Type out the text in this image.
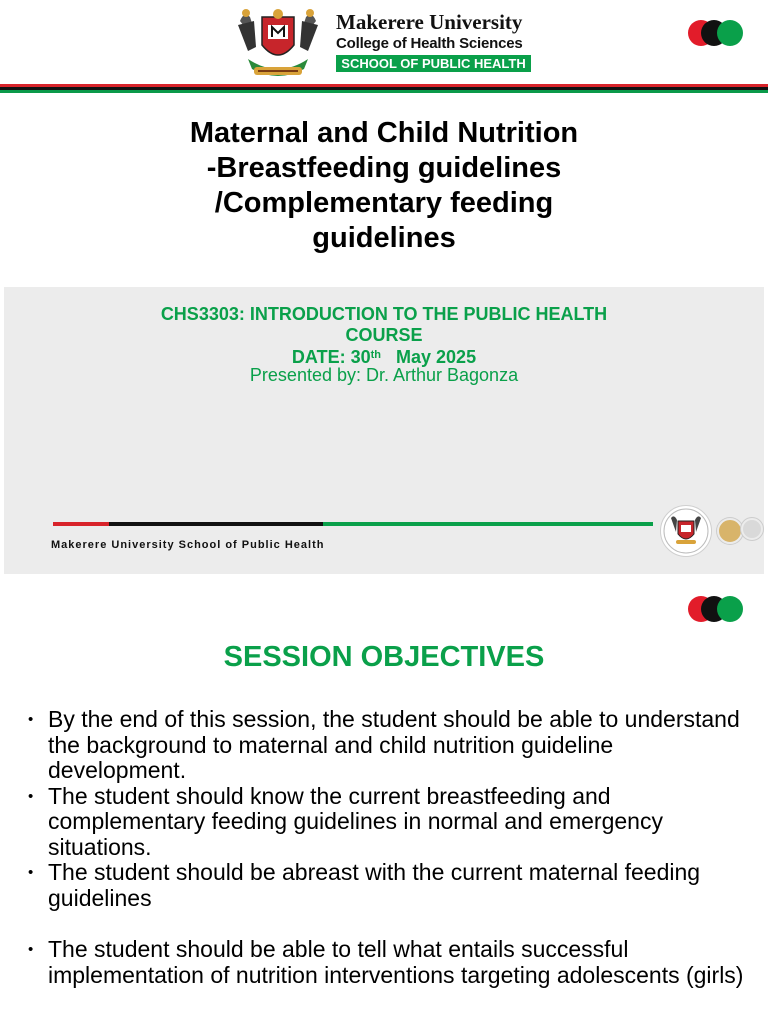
Makerere University
College of Health Sciences
SCHOOL OF PUBLIC HEALTH
Maternal and Child Nutrition
-Breastfeeding guidelines
/Complementary feeding
guidelines
CHS3303: INTRODUCTION TO THE PUBLIC HEALTH
COURSE
DATE: 30th May 2025
Presented by: Dr. Arthur Bagonza
Makerere University School of Public Health
SESSION OBJECTIVES
• By the end of this session, the student should be able to understand the background to maternal and child nutrition guideline development.
• The student should know the current breastfeeding and complementary feeding guidelines in normal and emergency situations.
• The student should be abreast with the current maternal feeding guidelines
• The student should be able to tell what entails successful implementation of nutrition interventions targeting adolescents (girls)
